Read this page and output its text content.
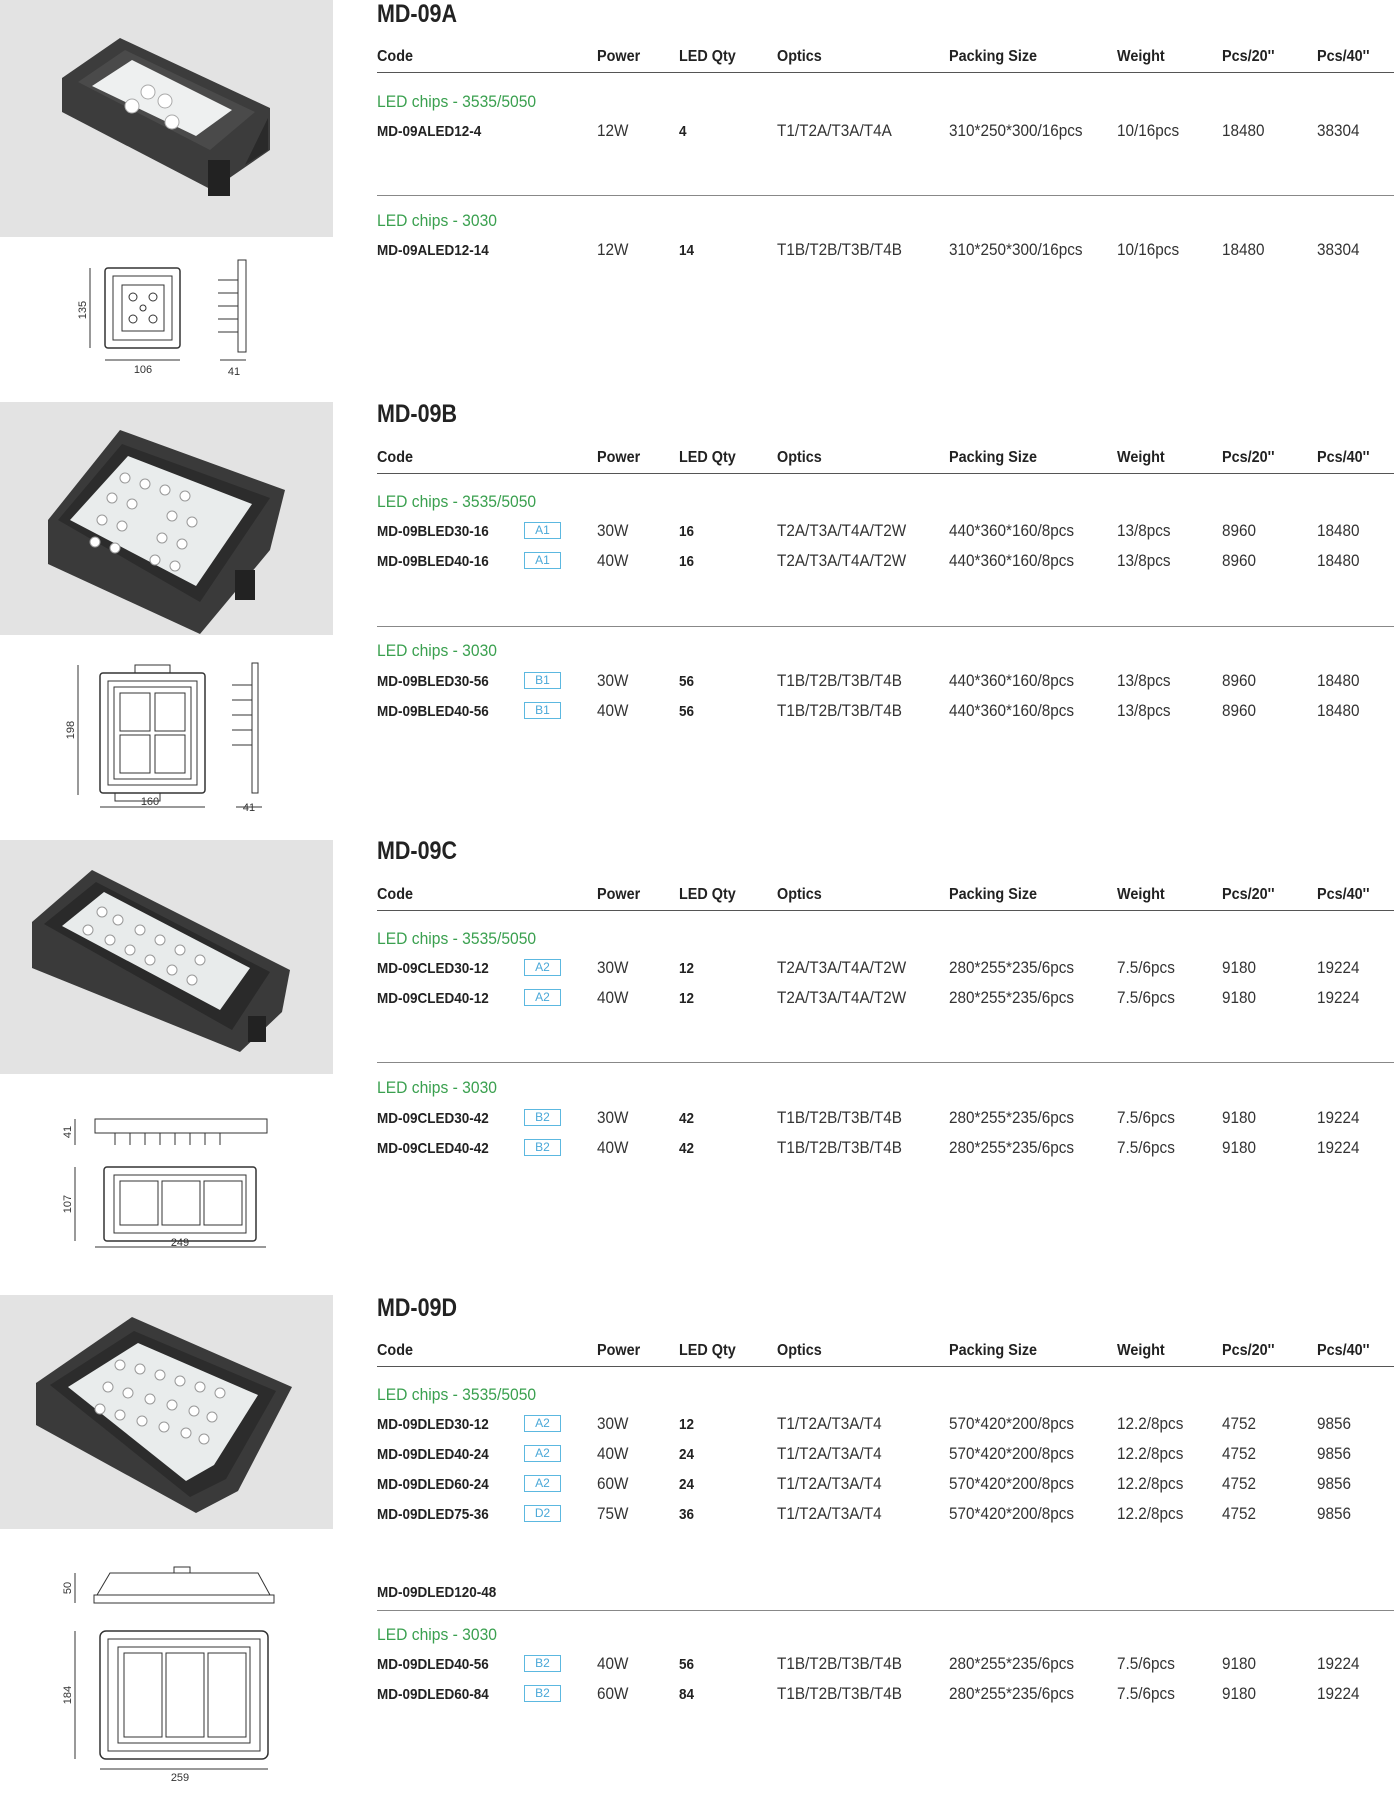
135
106	41
MD-09A
Code	Power LED Qty	Optics	Packing Size	Weight	Pcs/20''	Pcs/40''
LED chips - 3535/5050
MD-09ALED12-4	12W	4	T1/T2A/T3A/T4A	310*250*300/16pcs 10/16pcs	18480	38304
LED chips - 3030
MD-09ALED12-14	12W	14	T1B/T2B/T3B/T4B	310*250*300/16pcs 10/16pcs	18480	38304
198
160	41
MD-09B
Code	Power LED Qty	Optics	Packing Size	Weight	Pcs/20''	Pcs/40''
LED chips - 3535/5050
MD-09BLED30-16	A1	30W	16	T2A/T3A/T4A/T2W	440*360*160/8pcs	13/8pcs	8960	18480
MD-09BLED40-16	A1	40W	16	T2A/T3A/T4A/T2W	440*360*160/8pcs	13/8pcs	8960	18480
LED chips - 3030
MD-09BLED30-56	B1	30W	56	T1B/T2B/T3B/T4B	440*360*160/8pcs	13/8pcs	8960	18480
MD-09BLED40-56	B1	40W	56	T1B/T2B/T3B/T4B	440*360*160/8pcs	13/8pcs	8960	18480
41
107
249
MD-09C
Code	Power LED Qty	Optics	Packing Size	Weight	Pcs/20''	Pcs/40''
LED chips - 3535/5050
MD-09CLED30-12	A2	30W	12	T2A/T3A/T4A/T2W	280*255*235/6pcs	7.5/6pcs	9180	19224
MD-09CLED40-12	A2	40W	12	T2A/T3A/T4A/T2W	280*255*235/6pcs	7.5/6pcs	9180	19224
LED chips - 3030
MD-09CLED30-42	B2	30W	42	T1B/T2B/T3B/T4B	280*255*235/6pcs	7.5/6pcs	9180	19224
MD-09CLED40-42	B2	40W	42	T1B/T2B/T3B/T4B	280*255*235/6pcs	7.5/6pcs	9180	19224
50
184
259
MD-09D
Code	Power LED Qty	Optics	Packing Size	Weight	Pcs/20''	Pcs/40''
LED chips - 3535/5050
MD-09DLED30-12	A2	30W	12	T1/T2A/T3A/T4	570*420*200/8pcs	12.2/8pcs 4752	9856
MD-09DLED40-24	A2	40W	24	T1/T2A/T3A/T4	570*420*200/8pcs	12.2/8pcs 4752	9856
MD-09DLED60-24	A2	60W	24	T1/T2A/T3A/T4	570*420*200/8pcs	12.2/8pcs 4752	9856
MD-09DLED75-36	D2	75W	36	T1/T2A/T3A/T4	570*420*200/8pcs	12.2/8pcs 4752	9856
MD-09DLED120-48
LED chips - 3030
MD-09DLED40-56	B2	40W	56	T1B/T2B/T3B/T4B	280*255*235/6pcs	7.5/6pcs	9180	19224
MD-09DLED60-84	B2	60W	84	T1B/T2B/T3B/T4B	280*255*235/6pcs	7.5/6pcs	9180	19224
